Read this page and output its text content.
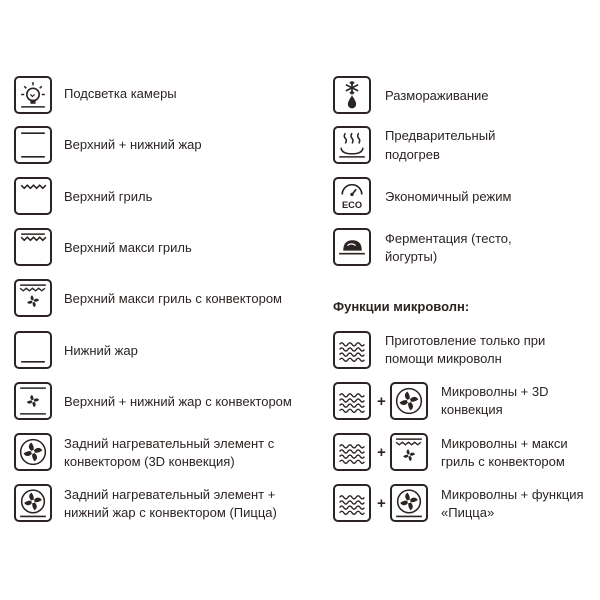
Подсветка камеры
Верхний + нижний жар
Верхний гриль
Верхний макси гриль
Верхний макси гриль с конвектором
Нижний жар
Верхний + нижний жар с конвектором
Задний нагревательный элемент с
конвектором (3D конвекция)
Задний нагревательный элемент +
нижний жар с конвектором (Пицца)
Размораживание
Предварительный
подогрев
ECO
Экономичный режим
Ферментация (тесто,
йогурты)
Функции микроволн:
Приготовление только при
помощи микроволн
+
Микроволны + 3D
конвекция
+
Микроволны + макси
гриль с конвектором
+
Микроволны + функция
«Пицца»
